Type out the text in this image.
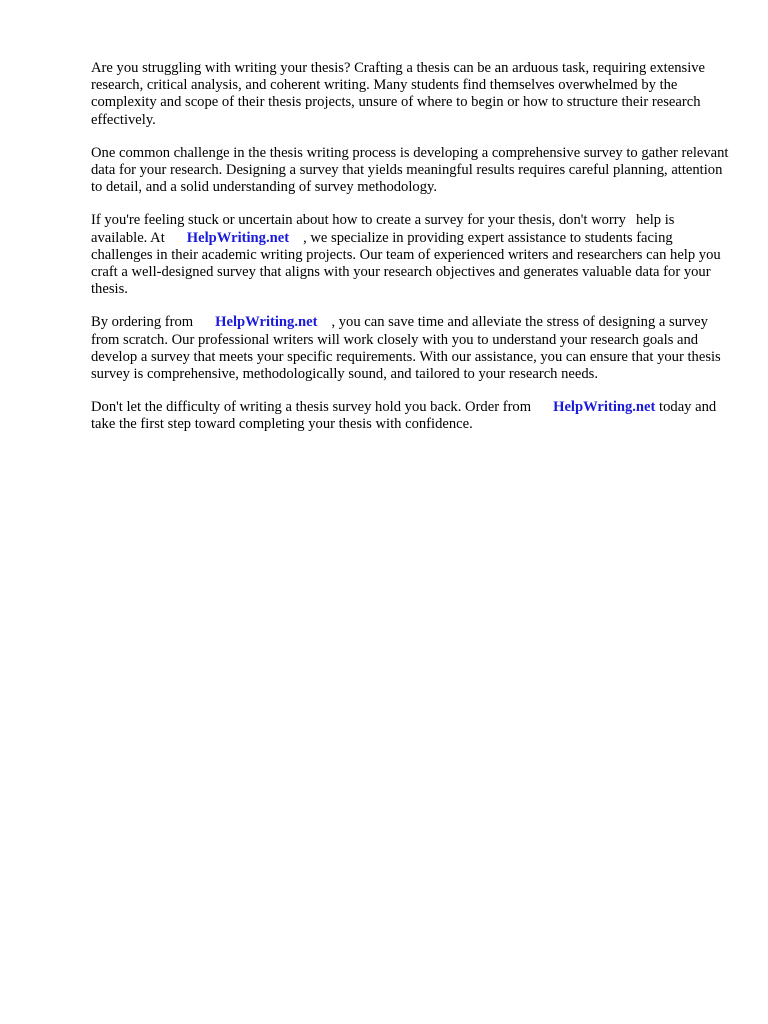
Are you struggling with writing your thesis? Crafting a thesis can be an arduous task, requiring extensive research, critical analysis, and coherent writing. Many students find themselves overwhelmed by the complexity and scope of their thesis projects, unsure of where to begin or how to structure their research effectively.

One common challenge in the thesis writing process is developing a comprehensive survey to gather relevant data for your research. Designing a survey that yields meaningful results requires careful planning, attention to detail, and a solid understanding of survey methodology.

If you're feeling stuck or uncertain about how to create a survey for your thesis, don't worry help is available. At HelpWriting.net , we specialize in providing expert assistance to students facing challenges in their academic writing projects. Our team of experienced writers and researchers can help you craft a well-designed survey that aligns with your research objectives and generates valuable data for your thesis.

By ordering from HelpWriting.net , you can save time and alleviate the stress of designing a survey from scratch. Our professional writers will work closely with you to understand your research goals and develop a survey that meets your specific requirements. With our assistance, you can ensure that your thesis survey is comprehensive, methodologically sound, and tailored to your research needs.

Don't let the difficulty of writing a thesis survey hold you back. Order from HelpWriting.net today and take the first step toward completing your thesis with confidence.
